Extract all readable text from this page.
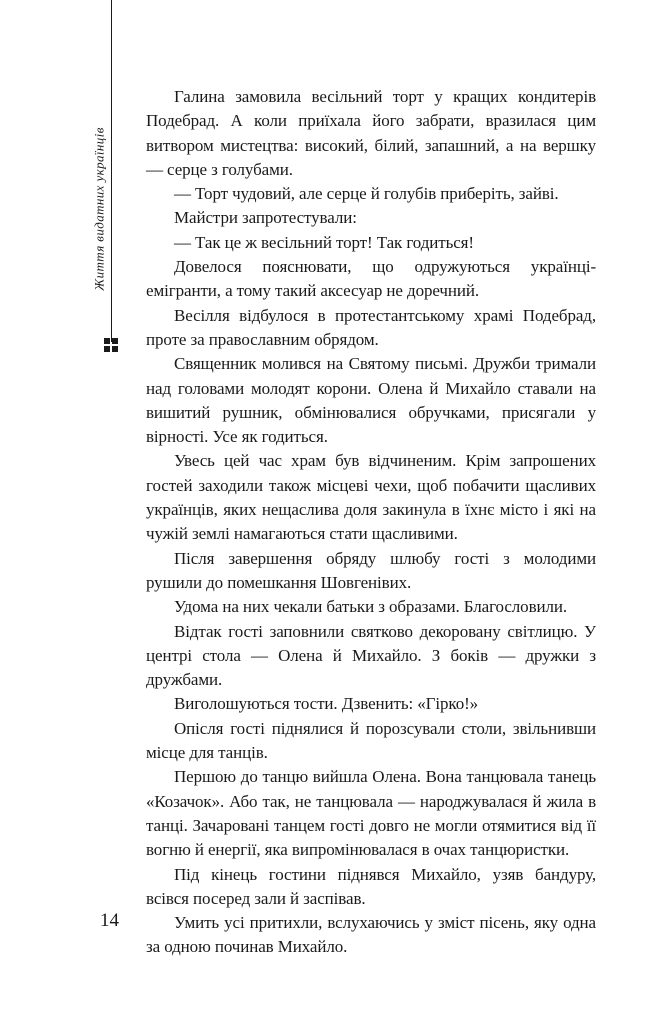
Життя видатних українців

Галина замовила весільний торт у кращих кондитерів Подебрад. А коли приїхала його забрати, вразилася цим витвором мистецтва: високий, білий, запашний, а на вершку — серце з голубами.

— Торт чудовий, але серце й голубів приберіть, зайві.

Майстри запротестували:

— Так це ж весільний торт! Так годиться!

Довелося пояснювати, що одружуються українці-емігранти, а тому такий аксесуар не доречний.

Весілля відбулося в протестантському храмі Подебрад, проте за православним обрядом.

Священник молився на Святому письмі. Дружби тримали над головами молодят корони. Олена й Михайло ставали на вишитий рушник, обмінювалися обручками, присягали у вірності. Усе як годиться.

Увесь цей час храм був відчиненим. Крім запрошених гостей заходили також місцеві чехи, щоб побачити щасливих українців, яких нещаслива доля закинула в їхнє місто і які на чужій землі намагаються стати щасливими.

Після завершення обряду шлюбу гості з молодими рушили до помешкання Шовгенівих.

Удома на них чекали батьки з образами. Благословили.

Відтак гості заповнили святково декоровану світлицю. У центрі стола — Олена й Михайло. З боків — дружки з дружбами.

Виголошуються тости. Дзвенить: «Гірко!»

Опісля гості піднялися й порозсували столи, звільнивши місце для танців.

Першою до танцю вийшла Олена. Вона танцювала танець «Козачок». Або так, не танцювала — народжувалася й жила в танці. Зачаровані танцем гості довго не могли отямитися від її вогню й енергії, яка випромінювалася в очах танцюристки.

Під кінець гостини піднявся Михайло, узяв бандуру, всівся посеред зали й заспівав.

Умить усі притихли, вслухаючись у зміст пісень, яку одна за одною починав Михайло.

14
